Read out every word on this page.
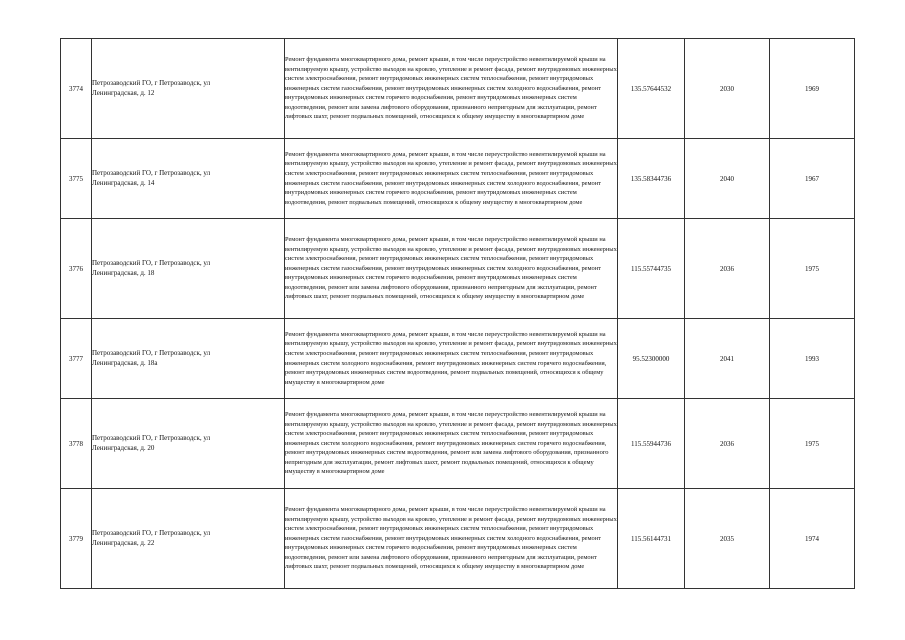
3774	Петрозаводский ГО, г Петрозаводск, ул
Ленинградская, д. 12	Ремонт фундамента многоквартирного дома, ремонт крыши, в том числе переустройство невентилируемой крыши на вентилируемую крышу, устройство выходов на кровлю, утепление и ремонт фасада, ремонт внутридомовых инженерных систем электроснабжения, ремонт внутридомовых инженерных систем теплоснабжения, ремонт внутридомовых инженерных систем газоснабжения, ремонт внутридомовых инженерных систем холодного водоснабжения, ремонт внутридомовых инженерных систем горячего водоснабжения, ремонт внутридомовых инженерных систем водоотведения, ремонт или замена лифтового оборудования, признанного непригодным для эксплуатации, ремонт лифтовых шахт, ремонт подвальных помещений, относящихся к общему имуществу в многоквартирном доме	135.57644532	2030	1969
3775	Петрозаводский ГО, г Петрозаводск, ул
Ленинградская, д. 14	Ремонт фундамента многоквартирного дома, ремонт крыши, в том числе переустройство невентилируемой крыши на вентилируемую крышу, устройство выходов на кровлю, утепление и ремонт фасада, ремонт внутридомовых инженерных систем электроснабжения, ремонт внутридомовых инженерных систем теплоснабжения, ремонт внутридомовых инженерных систем газоснабжения, ремонт внутридомовых инженерных систем холодного водоснабжения, ремонт внутридомовых инженерных систем горячего водоснабжения, ремонт внутридомовых инженерных систем водоотведения, ремонт подвальных помещений, относящихся к общему имуществу в многоквартирном доме	135.58344736	2040	1967
3776	Петрозаводский ГО, г Петрозаводск, ул
Ленинградская, д. 18	Ремонт фундамента многоквартирного дома, ремонт крыши, в том числе переустройство невентилируемой крыши на вентилируемую крышу, устройство выходов на кровлю, утепление и ремонт фасада, ремонт внутридомовых инженерных систем электроснабжения, ремонт внутридомовых инженерных систем теплоснабжения, ремонт внутридомовых инженерных систем газоснабжения, ремонт внутридомовых инженерных систем холодного водоснабжения, ремонт внутридомовых инженерных систем горячего водоснабжения, ремонт внутридомовых инженерных систем водоотведения, ремонт или замена лифтового оборудования, признанного непригодным для эксплуатации, ремонт лифтовых шахт, ремонт подвальных помещений, относящихся к общему имуществу в многоквартирном доме	115.55744735	2036	1975
3777	Петрозаводский ГО, г Петрозаводск, ул
Ленинградская, д. 18а	Ремонт фундамента многоквартирного дома, ремонт крыши, в том числе переустройство невентилируемой крыши на вентилируемую крышу, устройство выходов на кровлю, утепление и ремонт фасада, ремонт внутридомовых инженерных систем электроснабжения, ремонт внутридомовых инженерных систем теплоснабжения, ремонт внутридомовых инженерных систем холодного водоснабжения, ремонт внутридомовых инженерных систем горячего водоснабжения, ремонт внутридомовых инженерных систем водоотведения, ремонт подвальных помещений, относящихся к общему имуществу в многоквартирном доме	95.52300000	2041	1993
3778	Петрозаводский ГО, г Петрозаводск, ул
Ленинградская, д. 20	Ремонт фундамента многоквартирного дома, ремонт крыши, в том числе переустройство невентилируемой крыши на вентилируемую крышу, устройство выходов на кровлю, утепление и ремонт фасада, ремонт внутридомовых инженерных систем электроснабжения, ремонт внутридомовых инженерных систем теплоснабжения, ремонт внутридомовых инженерных систем холодного водоснабжения, ремонт внутридомовых инженерных систем горячего водоснабжения, ремонт внутридомовых инженерных систем водоотведения, ремонт или замена лифтового оборудования, признанного непригодным для эксплуатации, ремонт лифтовых шахт, ремонт подвальных помещений, относящихся к общему имуществу в многоквартирном доме	115.55944736	2036	1975
3779	Петрозаводский ГО, г Петрозаводск, ул
Ленинградская, д. 22	Ремонт фундамента многоквартирного дома, ремонт крыши, в том числе переустройство невентилируемой крыши на вентилируемую крышу, устройство выходов на кровлю, утепление и ремонт фасада, ремонт внутридомовых инженерных систем электроснабжения, ремонт внутридомовых инженерных систем теплоснабжения, ремонт внутридомовых инженерных систем газоснабжения, ремонт внутридомовых инженерных систем холодного водоснабжения, ремонт внутридомовых инженерных систем горячего водоснабжения, ремонт внутридомовых инженерных систем водоотведения, ремонт или замена лифтового оборудования, признанного непригодным для эксплуатации, ремонт лифтовых шахт, ремонт подвальных помещений, относящихся к общему имуществу в многоквартирном доме	115.56144731	2035	1974
